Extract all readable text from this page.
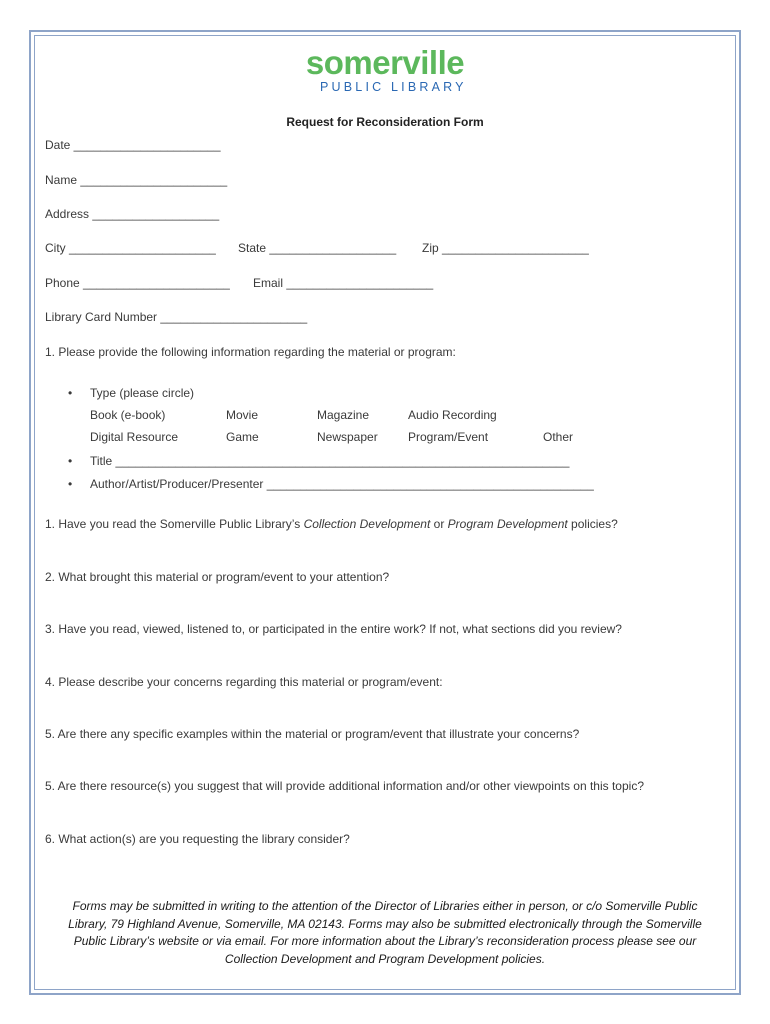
somerville
PUBLIC LIBRARY
Request for Reconsideration Form
Date ______________________
Name ______________________
Address ___________________
City ______________________ State ___________________ Zip ______________________
Phone ______________________ Email ______________________
Library Card Number ______________________
1. Please provide the following information regarding the material or program:
• Type (please circle)
Book (e-book)	Movie	Magazine	Audio Recording
Digital Resource	Game	Newspaper	Program/Event	Other
• Title ____________________________________________________________________
• Author/Artist/Producer/Presenter _________________________________________________
1. Have you read the Somerville Public Library’s Collection Development or Program Development policies?
2. What brought this material or program/event to your attention?
3. Have you read, viewed, listened to, or participated in the entire work? If not, what sections did you review?
4. Please describe your concerns regarding this material or program/event:
5. Are there any specific examples within the material or program/event that illustrate your concerns?
5. Are there resource(s) you suggest that will provide additional information and/or other viewpoints on this topic?
6. What action(s) are you requesting the library consider?
Forms may be submitted in writing to the attention of the Director of Libraries either in person, or c/o Somerville Public
Library, 79 Highland Avenue, Somerville, MA 02143. Forms may also be submitted electronically through the Somerville
Public Library’s website or via email. For more information about the Library’s reconsideration process please see our
Collection Development and Program Development policies.
